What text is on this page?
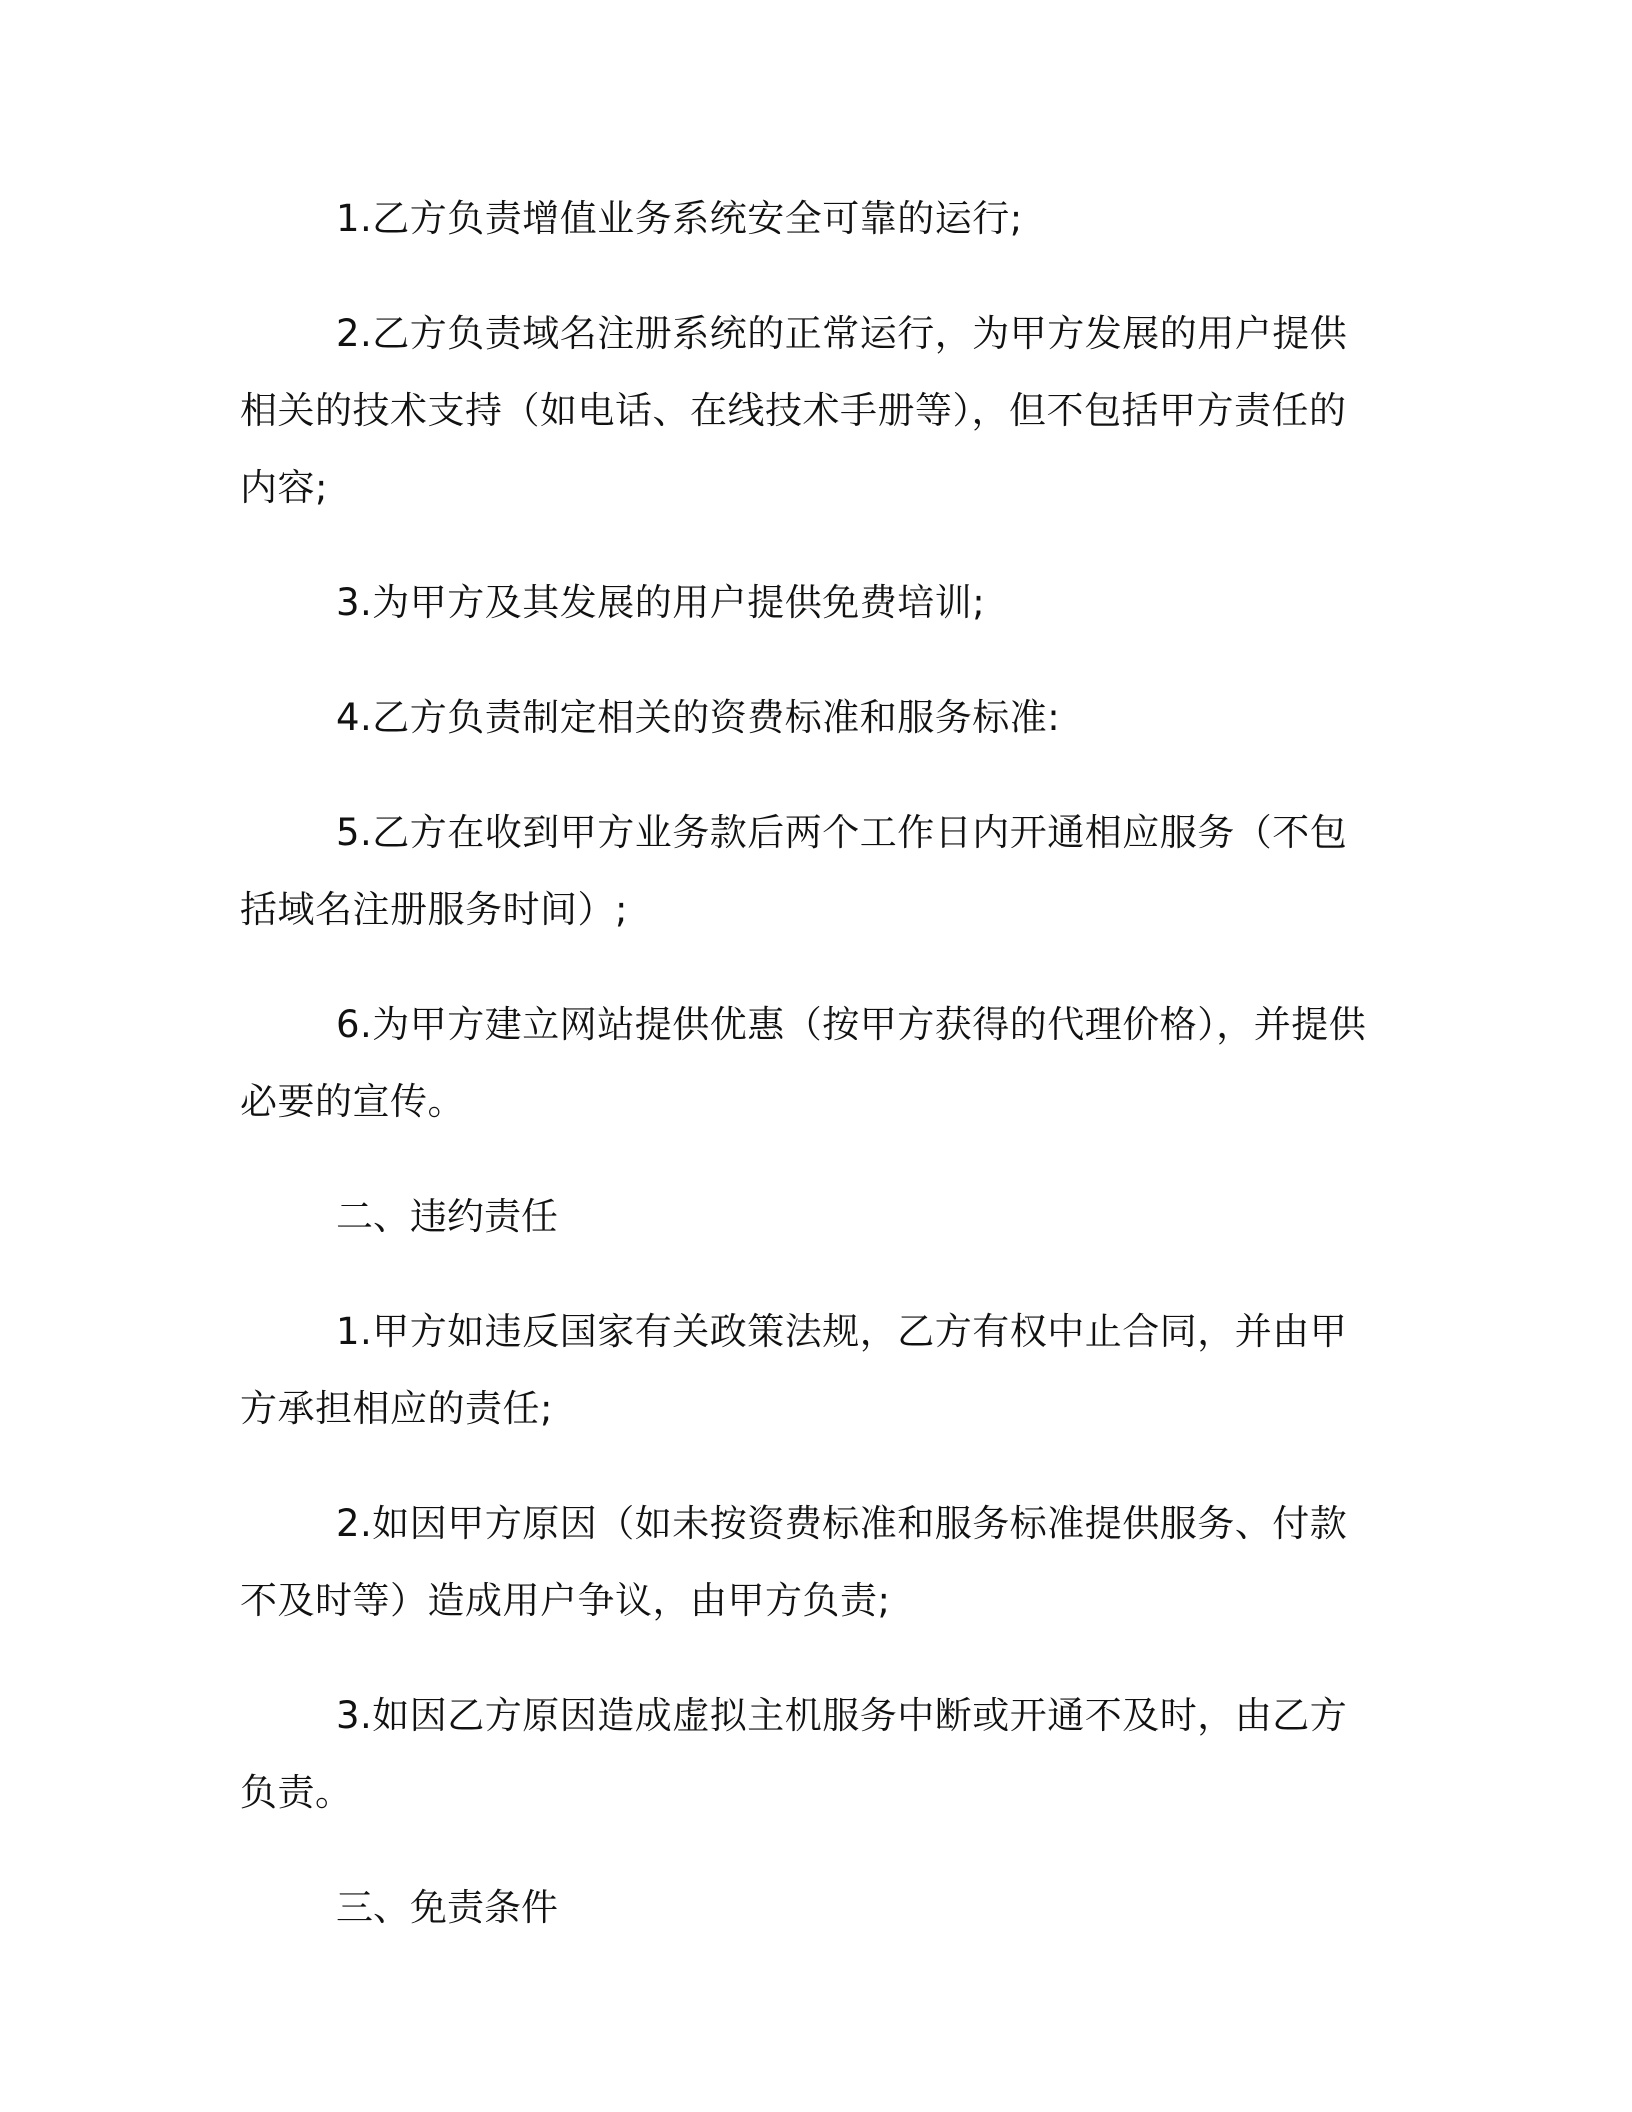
1.乙方负责增值业务系统安全可靠的运行;

2.乙方负责域名注册系统的正常运行，为甲方发展的用户提供相关的技术支持（如电话、在线技术手册等），但不包括甲方责任的内容;

3.为甲方及其发展的用户提供免费培训;

4.乙方负责制定相关的资费标准和服务标准:

5.乙方在收到甲方业务款后两个工作日内开通相应服务（不包括域名注册服务时间）;

6.为甲方建立网站提供优惠（按甲方获得的代理价格），并提供必要的宣传。

二、违约责任

1.甲方如违反国家有关政策法规，乙方有权中止合同，并由甲方承担相应的责任;

2.如因甲方原因（如未按资费标准和服务标准提供服务、付款不及时等）造成用户争议，由甲方负责;

3.如因乙方原因造成虚拟主机服务中断或开通不及时，由乙方负责。

三、免责条件
